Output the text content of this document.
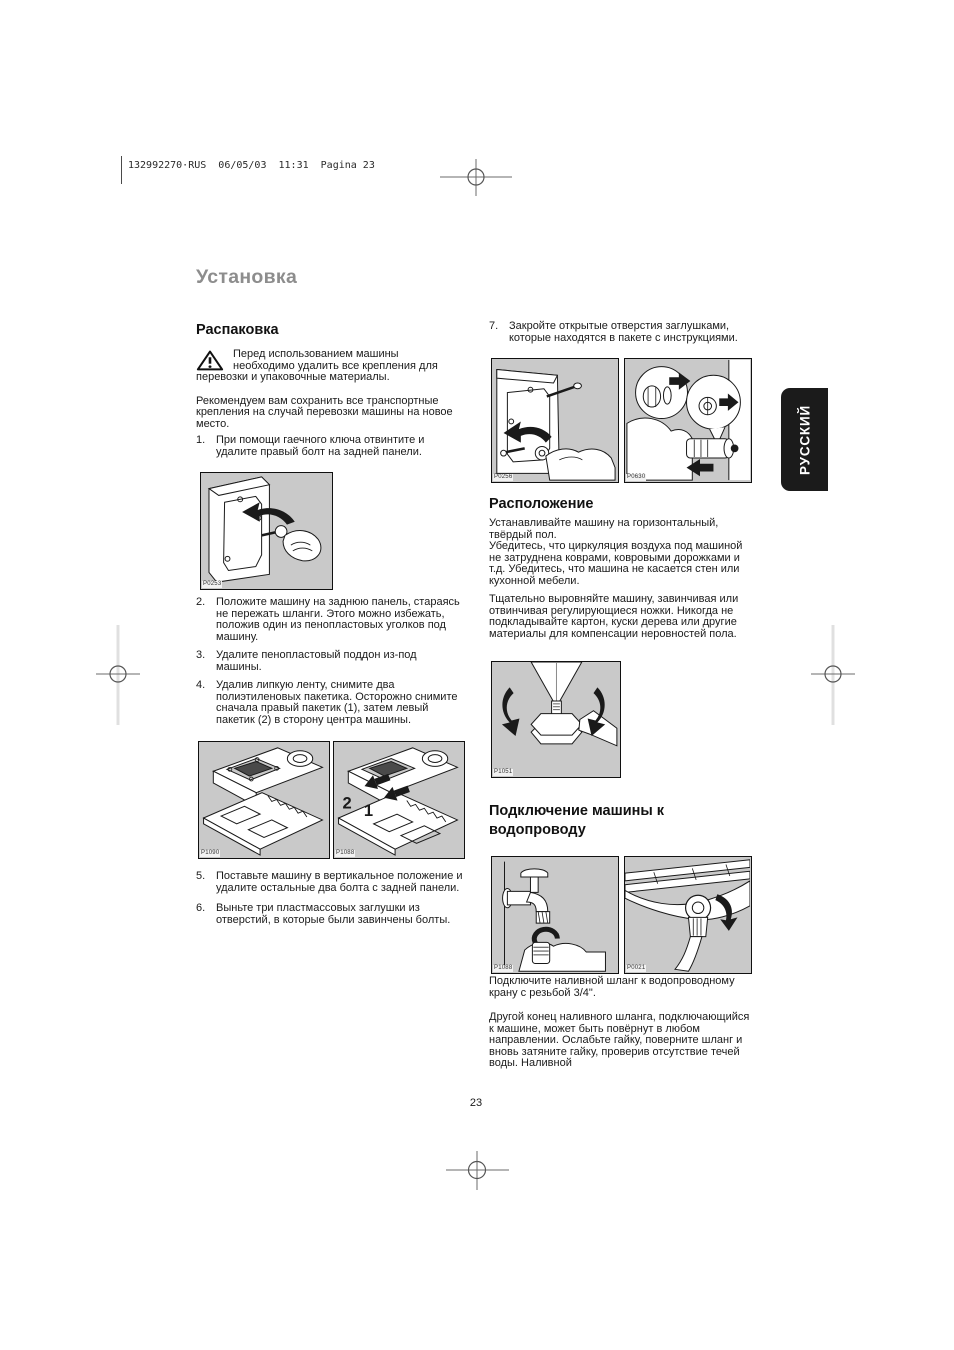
132992270·RUS  06/05/03  11:31  Pagina 23
Установка
Распаковка
Перед использованием машины необходимо удалить все крепления для перевозки и упаковочные материалы.

Рекомендуем вам сохранить все транспортные крепления на случай перевозки машины на новое место.

1. При помощи гаечного ключа отвинтите и удалите правый болт на задней панели.
P0253
2. Положите машину на заднюю панель, стараясь не пережать шланги. Этого можно избежать, положив один из пенопластовых уголков под машину.
3. Удалите пенопластовый поддон из-под машины.
4. Удалив липкую ленту, снимите два полиэтиленовых пакетика. Осторожно снимите сначала правый пакетик (1), затем левый пакетик (2) в сторону центра машины.
P1090
2 1
P1088
5. Поставьте машину в вертикальное положение и удалите остальные два болта с задней панели.
6. Выньте три пластмассовых заглушки из отверстий, в которые были завинчены болты.
7. Закройте открытые отверстия заглушками, которые находятся в пакете с инструкциями.
P0256	P0630
Расположение

Устанавливайте машину на горизонтальный, твёрдый пол.

Убедитесь, что циркуляция воздуха под машиной не затруднена коврами, ковровыми дорожками и т.д. Убедитесь, что машина не касается стен или кухонной мебели.

Тщательно выровняйте машину, завинчивая или отвинчивая регулирующиеся ножки. Никогда не подкладывайте картон, куски дерева или другие материалы для компенсации неровностей пола.

P1051
Подключение машины к водопроводу
P1088	P0021

Подключите наливной шланг к водопроводному крану с резьбой 3/4".

Другой конец наливного шланга, подключающийся к машине, может быть повёрнут в любом направлении. Ослабьте гайку, поверните шланг и вновь затяните гайку, проверив отсутствие течей воды. Наливной

РУССКИЙ
23
